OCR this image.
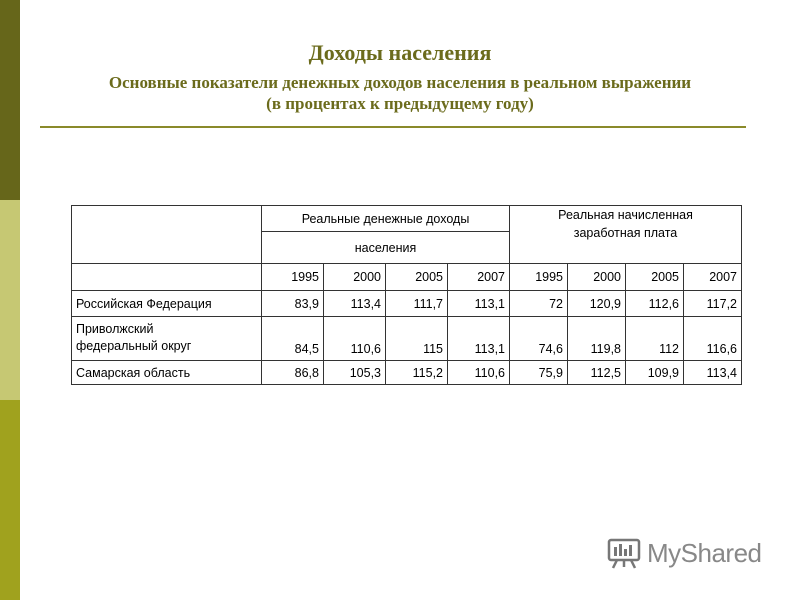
Доходы населения
Основные показатели денежных доходов населения в реальном выражении
(в процентах к предыдущему году)
	Реальные денежные доходы				Реальная начисленная
заработная плата			

	населения							
	1995	2000	2005	2007	1995	2000	2005	2007
Российская Федерация	83,9	113,4	111,7	113,1	72	120,9	112,6	117,2

Приволжский
федеральный округ	84,5	110,6	115	113,1	74,6	119,8	112	116,6
Самарская область	86,8	105,3	115,2	110,6	75,9	112,5	109,9	113,4
MyShared
